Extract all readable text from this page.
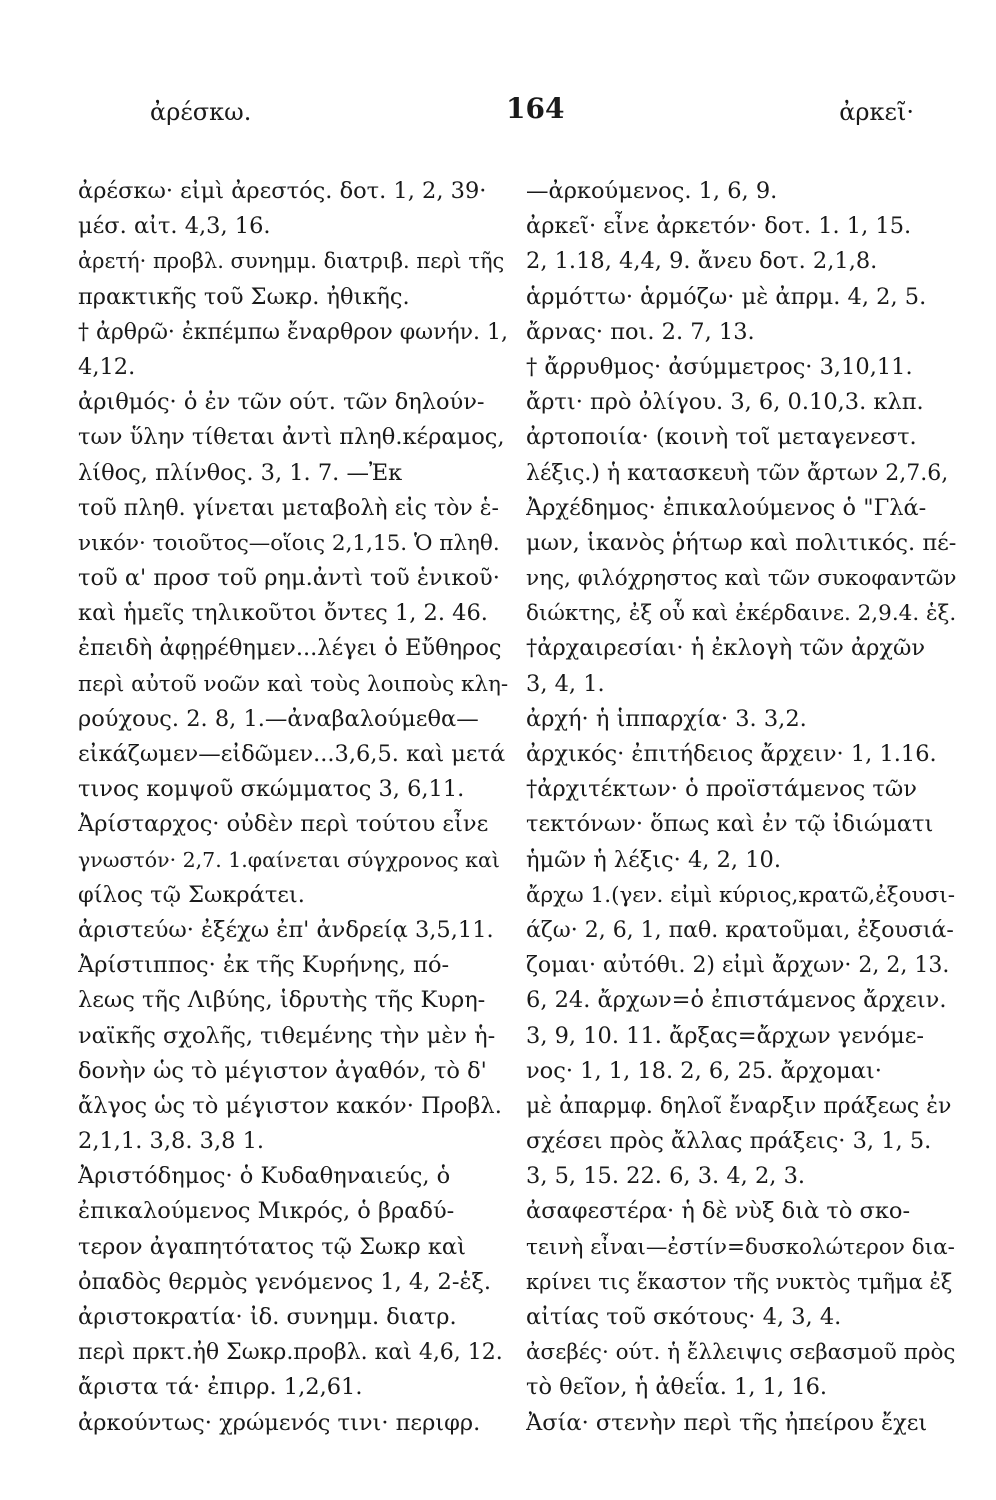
ἀρέσκω.	164	ἀρκεῖ·
ἀρέσκω· εἰμὶ ἀρεστός. δοτ. 1, 2, 39·
μέσ. αἰτ. 4,3, 16.
ἀρετή· προβλ. συνημμ. διατριβ. περὶ τῆς
πρακτικῆς τοῦ Σωκρ. ἠθικῆς.
† ἀρθρῶ· ἐκπέμπω ἔναρθρον φωνήν. 1,
4,12.
ἀριθμός· ὁ ἐν τῶν ούτ. τῶν δηλούν-
των ὕλην τίθεται ἀντὶ πληθ.κέραμος,
λίθος, πλίνθος. 3, 1. 7. —Ἐκ
τοῦ πληθ. γίνεται μεταβολὴ εἰς τὸν ἑ-
νικόν· τοιοῦτος—οἵοις 2,1,15. Ὁ πληθ.
τοῦ α' προσ τοῦ ρημ.ἀντὶ τοῦ ἑνικοῦ·
καὶ ἡμεῖς τηλικοῦτοι ὄντες 1, 2. 46.
ἐπειδὴ ἀφῃρέθημεν...λέγει ὁ Εὔθηρος
περὶ αὐτοῦ νοῶν καὶ τοὺς λοιποὺς κλη-
ρούχους. 2. 8, 1.—ἀναβαλούμεθα—
εἰκάζωμεν—εἰδῶμεν...3,6,5. καὶ μετά
τινος κομψοῦ σκώμματος 3, 6,11.
Ἀρίσταρχος· οὐδὲν περὶ τούτου εἶνε
γνωστόν· 2,7. 1.φαίνεται σύγχρονος καὶ
φίλος τῷ Σωκράτει.
ἀριστεύω· ἐξέχω ἐπ' ἀνδρείᾳ 3,5,11.
Ἀρίστιππος· ἐκ τῆς Κυρήνης, πό-
λεως τῆς Λιβύης, ἱδρυτὴς τῆς Κυρη-
ναϊκῆς σχολῆς, τιθεμένης τὴν μὲν ἡ-
δονὴν ὡς τὸ μέγιστον ἀγαθόν, τὸ δ'
ἄλγος ὡς τὸ μέγιστον κακόν· Προβλ.
2,1,1. 3,8. 3,8 1.
Ἀριστόδημος· ὁ Κυδαθηναιεύς, ὁ
ἐπικαλούμενος Μικρός, ὁ βραδύ-
τερον ἀγαπητότατος τῷ Σωκρ καὶ
ὀπαδὸς θερμὸς γενόμενος 1, 4, 2-ἑξ.
ἀριστοκρατία· ἰδ. συνημμ. διατρ.
περὶ πρκτ.ἠθ Σωκρ.προβλ. καὶ 4,6, 12.
ἄριστα τά· ἐπιρρ. 1,2,61.
ἀρκούντως· χρώμενός τινι· περιφρ.
—ἀρκούμενος. 1, 6, 9.
ἀρκεῖ· εἶνε ἀρκετόν· δοτ. 1. 1, 15.
2, 1.18, 4,4, 9. ἄνευ δοτ. 2,1,8.
ἁρμόττω· ἁρμόζω· μὲ ἀπρμ. 4, 2, 5.
ἄρνας· ποι. 2. 7, 13.
† ἄρρυθμος· ἀσύμμετρος· 3,10,11.
ἄρτι· πρὸ ὀλίγου. 3, 6, 0.10,3. κλπ.
ἀρτοποιία· (κοινὴ τοῖ μεταγενεστ.
λέξις.) ἡ κατασκευὴ τῶν ἄρτων 2,7.6,
Ἀρχέδημος· ἐπικαλούμενος ὁ "Γλά-
μων, ἱκανὸς ῥήτωρ καὶ πολιτικός. πέ-
νης, φιλόχρηστος καὶ τῶν συκοφαντῶν
διώκτης, ἐξ οὗ καὶ ἐκέρδαινε. 2,9.4. ἑξ.
†ἀρχαιρεσίαι· ἡ ἐκλογὴ τῶν ἀρχῶν
3, 4, 1.
ἀρχή· ἡ ἱππαρχία· 3. 3,2.
ἀρχικός· ἐπιτήδειος ἄρχειν· 1, 1.16.
†ἀρχιτέκτων· ὁ προϊστάμενος τῶν
τεκτόνων· ὅπως καὶ ἐν τῷ ἰδιώματι
ἡμῶν ἡ λέξις· 4, 2, 10.
ἄρχω 1.(γεν. εἰμὶ κύριος,κρατῶ,ἐξουσι-
άζω· 2, 6, 1, παθ. κρατοῦμαι, ἐξουσιά-
ζομαι· αὐτόθι. 2) εἰμὶ ἄρχων· 2, 2, 13.
6, 24. ἄρχων=ὁ ἐπιστάμενος ἄρχειν.
3, 9, 10. 11. ἄρξας=ἄρχων γενόμε-
νος· 1, 1, 18. 2, 6, 25. ἄρχομαι·
μὲ ἀπαρμφ. δηλοῖ ἔναρξιν πράξεως ἐν
σχέσει πρὸς ἄλλας πράξεις· 3, 1, 5.
3, 5, 15. 22. 6, 3. 4, 2, 3.
ἀσαφεστέρα· ἡ δὲ νὺξ διὰ τὸ σκο-
τεινὴ εἶναι—ἐστίν=δυσκολώτερον δια-
κρίνει τις ἕκαστον τῆς νυκτὸς τμῆμα ἐξ
αἰτίας τοῦ σκότους· 4, 3, 4.
ἀσεβές· ούτ. ἡ ἔλλειψις σεβασμοῦ πρὸς
τὸ θεῖον, ἡ ἀθεΐα. 1, 1, 16.
Ἀσία· στενὴν περὶ τῆς ἠπείρου ἔχει
